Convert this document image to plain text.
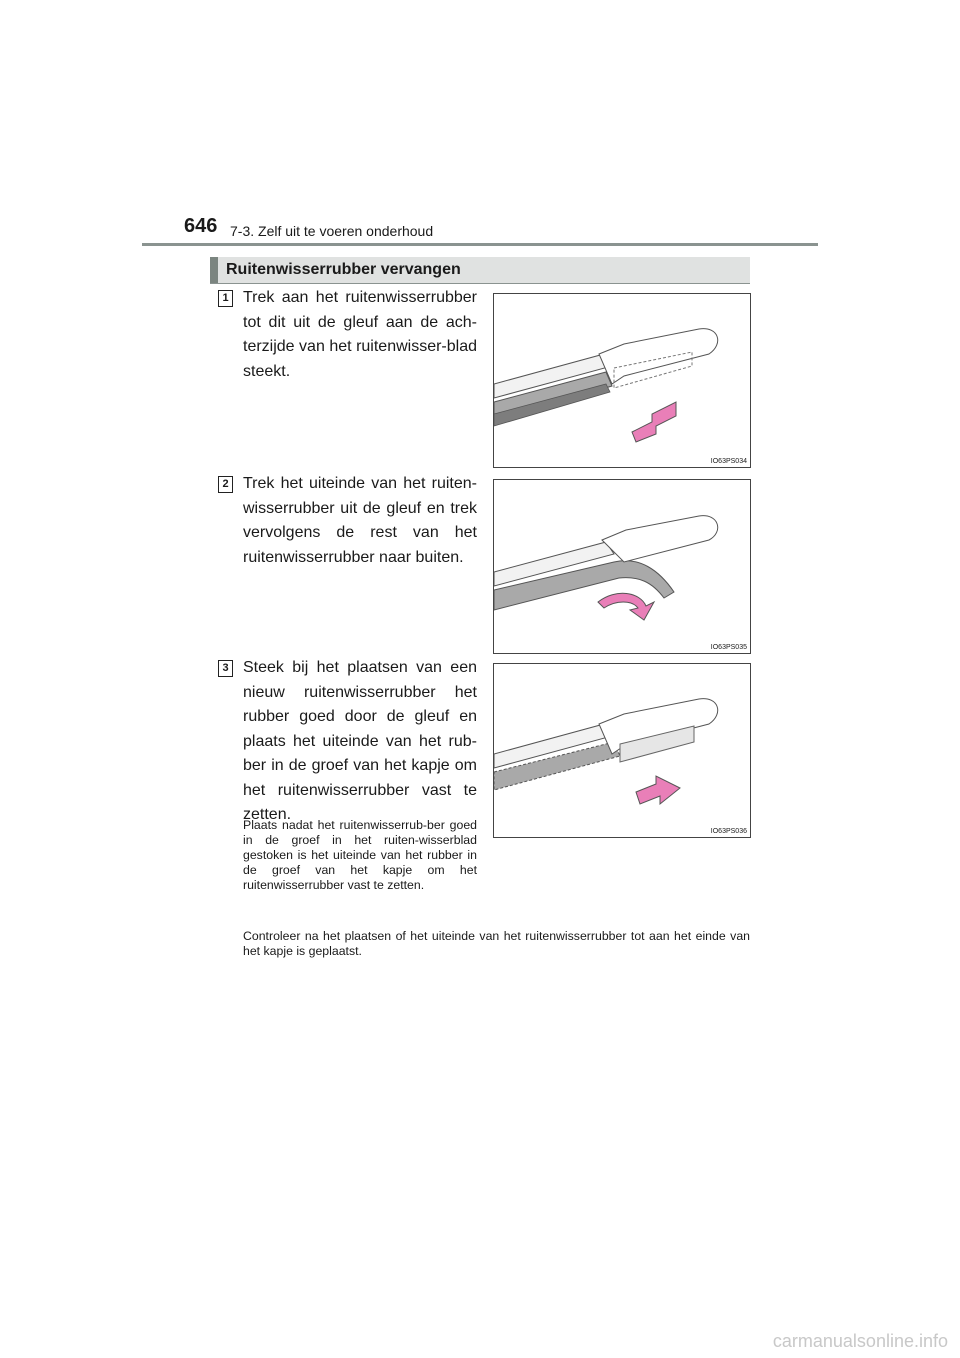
646 7-3. Zelf uit te voeren onderhoud
Ruitenwisserrubber vervangen
1 Trek aan het ruitenwisserrubber tot dit uit de gleuf aan de ach-terzijde van het ruitenwisser-blad steekt.
IO63PS034
2 Trek het uiteinde van het ruiten-wisserrubber uit de gleuf en trek vervolgens de rest van het ruitenwisserrubber naar buiten.
IO63PS035
3 Steek bij het plaatsen van een nieuw ruitenwisserrubber het rubber goed door de gleuf en plaats het uiteinde van het rub-ber in de groef van het kapje om het ruitenwisserrubber vast te zetten.
Plaats nadat het ruitenwisserrub-ber goed in de groef in het ruiten-wisserblad gestoken is het uiteinde van het rubber in de groef van het kapje om het ruitenwisserrubber vast te zetten.
IO63PS036
Controleer na het plaatsen of het uiteinde van het ruitenwisserrubber tot aan het einde van het kapje is geplaatst.
carmanualsonline.info
